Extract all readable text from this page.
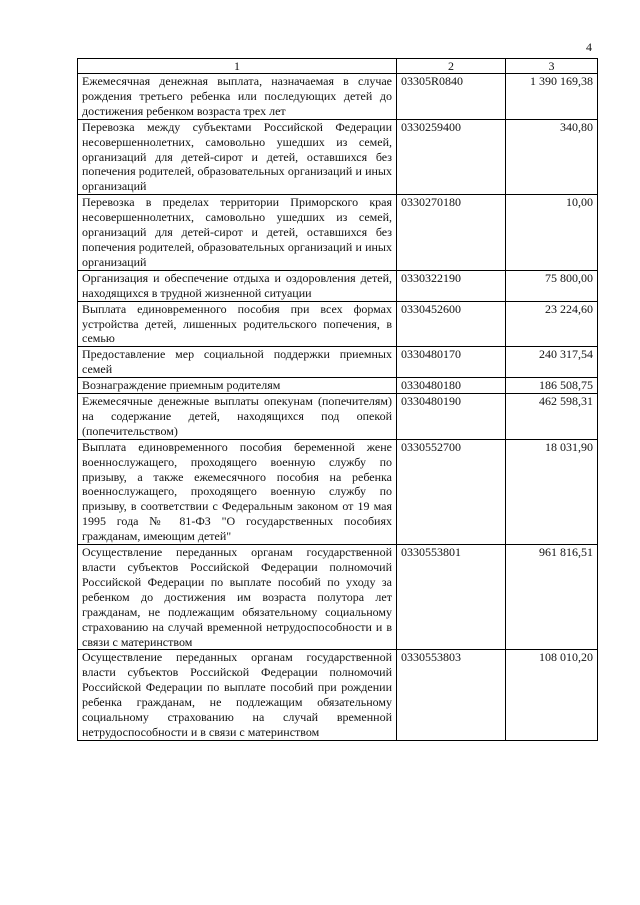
4
1	2	3
Ежемесячная денежная выплата, назначаемая в случае рождения третьего ребенка или последующих детей до достижения ребенком возраста трех лет	03305R0840	1 390 169,38
Перевозка между субъектами Российской Федерации несовершеннолетних, самовольно ушедших из семей, организаций для детей-сирот и детей, оставшихся без попечения родителей, образовательных организаций и иных организаций	0330259400	340,80
Перевозка в пределах территории Приморского края несовершеннолетних, самовольно ушедших из семей, организаций для детей-сирот и детей, оставшихся без попечения родителей, образовательных организаций и иных организаций	0330270180	10,00
Организация и обеспечение отдыха и оздоровления детей, находящихся в трудной жизненной ситуации	0330322190	75 800,00
Выплата единовременного пособия при всех формах устройства детей, лишенных родительского попечения, в семью	0330452600	23 224,60
Предоставление мер социальной поддержки приемных семей	0330480170	240 317,54
Вознаграждение приемным родителям	0330480180	186 508,75
Ежемесячные денежные выплаты опекунам (попечителям) на содержание детей, находящихся под опекой (попечительством)	0330480190	462 598,31
Выплата единовременного пособия беременной жене военнослужащего, проходящего военную службу по призыву, а также ежемесячного пособия на ребенка военнослужащего, проходящего военную службу по призыву, в соответствии с Федеральным законом от 19 мая 1995 года № 81-ФЗ "О государственных пособиях гражданам, имеющим детей"	0330552700	18 031,90
Осуществление переданных органам государственной власти субъектов Российской Федерации полномочий Российской Федерации по выплате пособий по уходу за ребенком до достижения им возраста полутора лет гражданам, не подлежащим обязательному социальному страхованию на случай временной нетрудоспособности и в связи с материнством	0330553801	961 816,51
Осуществление переданных органам государственной власти субъектов Российской Федерации полномочий Российской Федерации по выплате пособий при рождении ребенка гражданам, не подлежащим обязательному социальному страхованию на случай временной нетрудоспособности и в связи с материнством	0330553803	108 010,20
